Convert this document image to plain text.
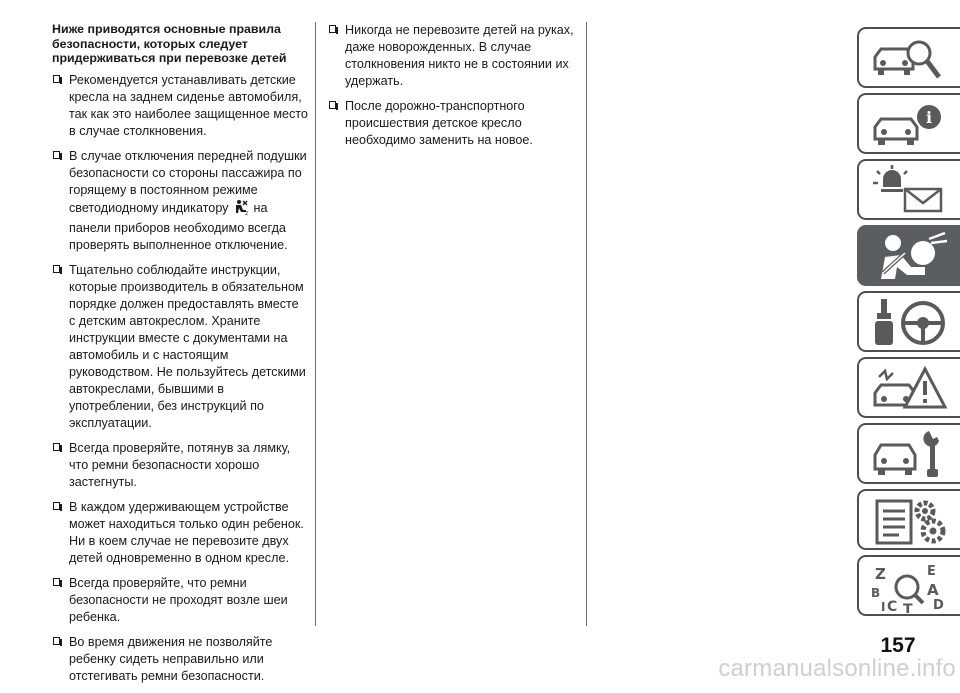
Ниже приводятся основные правила безопасности, которых следует придерживаться при перевозке детей
Рекомендуется устанавливать детские кресла на заднем сиденье автомобиля, так как это наиболее защищенное место в случае столкновения.
В случае отключения передней подушки безопасности со стороны пассажира по горящему в постоянном режиме светодиодному индикатору	2 на панели приборов необходимо всегда проверять выполненное отключение.
Тщательно соблюдайте инструкции, которые производитель в обязательном порядке должен предоставлять вместе с детским автокреслом. Храните инструкции вместе с документами на автомобиль и с настоящим руководством. Не пользуйтесь детскими автокреслами, бывшими в употреблении, без инструкций по эксплуатации.
Всегда проверяйте, потянув за лямку, что ремни безопасности хорошо застегнуты.
В каждом удерживающем устройстве может находиться только один ребенок. Ни в коем случае не перевозите двух детей одновременно в одном кресле.
Всегда проверяйте, что ремни безопасности не проходят возле шеи ребенка.
Во время движения не позволяйте ребенку сидеть неправильно или отстегивать ремни безопасности.
Никогда не перевозите детей на руках, даже новорожденных. В случае столкновения никто не в состоянии их удержать.
После дорожно-транспортного происшествия детское кресло необходимо заменить на новое.
i
Z	E
B	A
I C T D
157
carmanualsonline.info
